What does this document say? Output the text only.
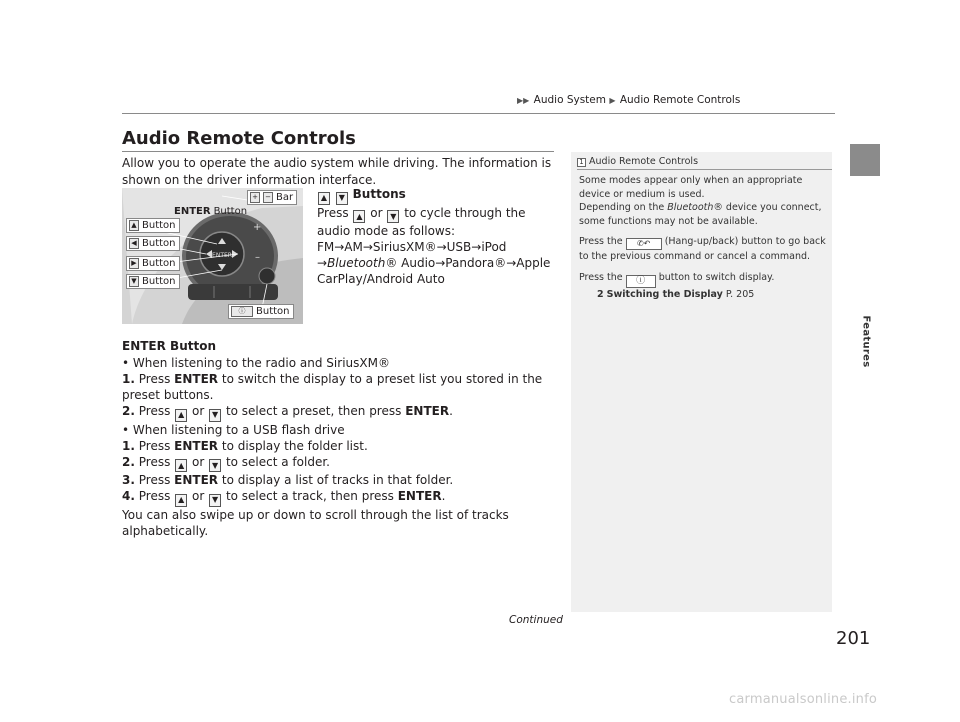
▶▶ Audio System ▶ Audio Remote Controls
Features
Audio Remote Controls
Allow you to operate the audio system while driving. The information is shown on the driver information interface.
ENTER
+
–
+ − Bar
ENTER Button
▲ Button
◀ Button
▶ Button
▼ Button
ⓘ	Button
▲ ▼ Buttons
Press ▲ or ▼ to cycle through the audio mode as follows:
FM→AM→SiriusXM®→USB→iPod
→Bluetooth® Audio→Pandora®→Apple
CarPlay/Android Auto
ENTER Button
• When listening to the radio and SiriusXM®
1. Press ENTER to switch the display to a preset list you stored in the preset buttons.
2. Press ▲ or ▼ to select a preset, then press ENTER.
• When listening to a USB flash drive
1. Press ENTER to display the folder list.
2. Press ▲ or ▼ to select a folder.
3. Press ENTER to display a list of tracks in that folder.
4. Press ▲ or ▼ to select a track, then press ENTER.
You can also swipe up or down to scroll through the list of tracks alphabetically.
1 Audio Remote Controls

Some modes appear only when an appropriate device or medium is used.
Depending on the Bluetooth® device you connect, some functions may not be available.

Press the ✆↶ (Hang-up/back) button to go back to the previous command or cancel a command.

Press the ⓘ button to switch display.
2 Switching the Display P. 205

Continued
201
carmanualsonline.info
